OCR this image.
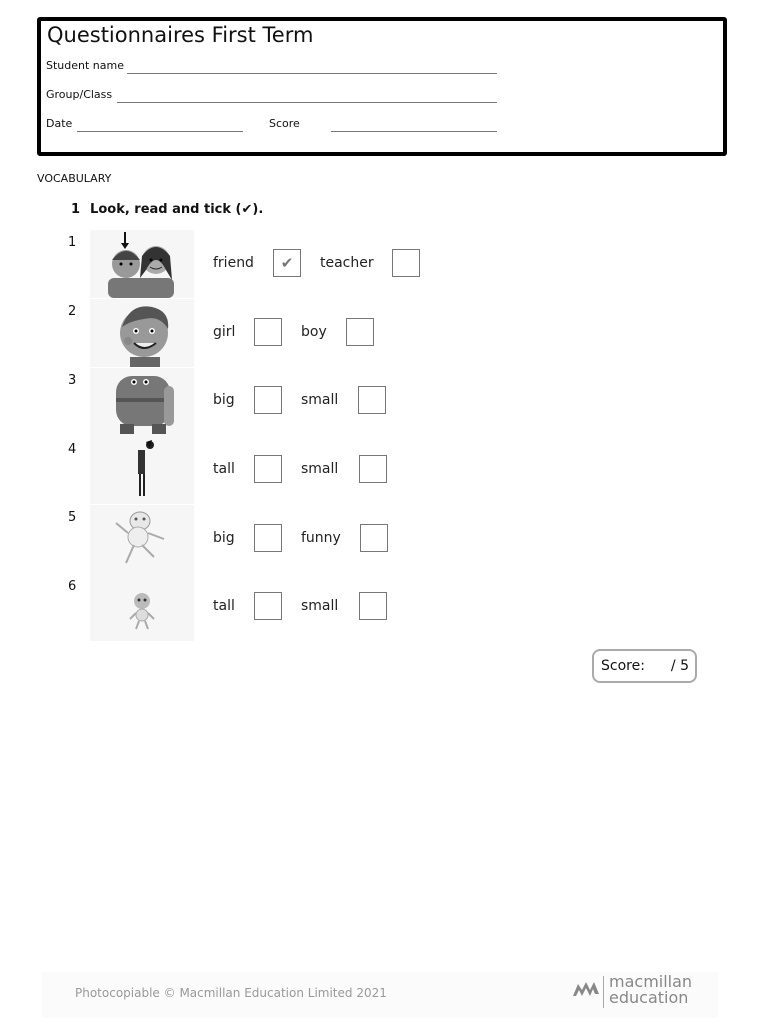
Questionnaires First Term
Student name
Group/Class
Date	Score
VOCABULARY
1 Look, read and tick (✔).
1
friend	✔	teacher
2
girl	boy
3
big	small
4
tall	small
5
big	funny
6
tall	small
Score: / 5
Photocopiable © Macmillan Education Limited 2021
macmillan
education
